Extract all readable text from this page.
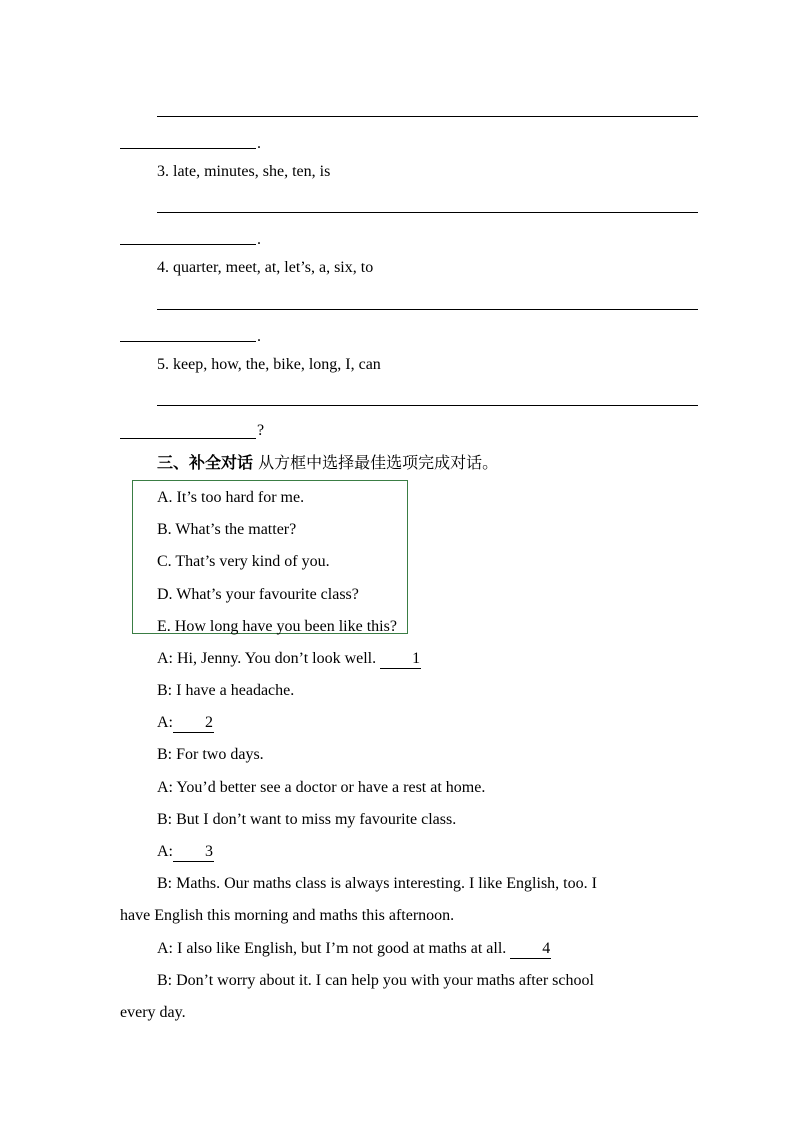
.
3. late, minutes, she, ten, is
.
4. quarter, meet, at, let’s, a, six, to
.
5. keep, how, the, bike, long, I, can
?
三、补全对话 从方框中选择最佳选项完成对话。
A. It’s too hard for me.
B. What’s the matter?
C. That’s very kind of you.
D. What’s your favourite class?
E. How long have you been like this?
A: Hi, Jenny. You don’t look well. 1
B: I have a headache.
A: 2
B: For two days.
A: You’d better see a doctor or have a rest at home.
B: But I don’t want to miss my favourite class.
A: 3
B: Maths. Our maths class is always interesting. I like English, too. I
have English this morning and maths this afternoon.
A: I also like English, but I’m not good at maths at all. 4
B: Don’t worry about it. I can help you with your maths after school
every day.
